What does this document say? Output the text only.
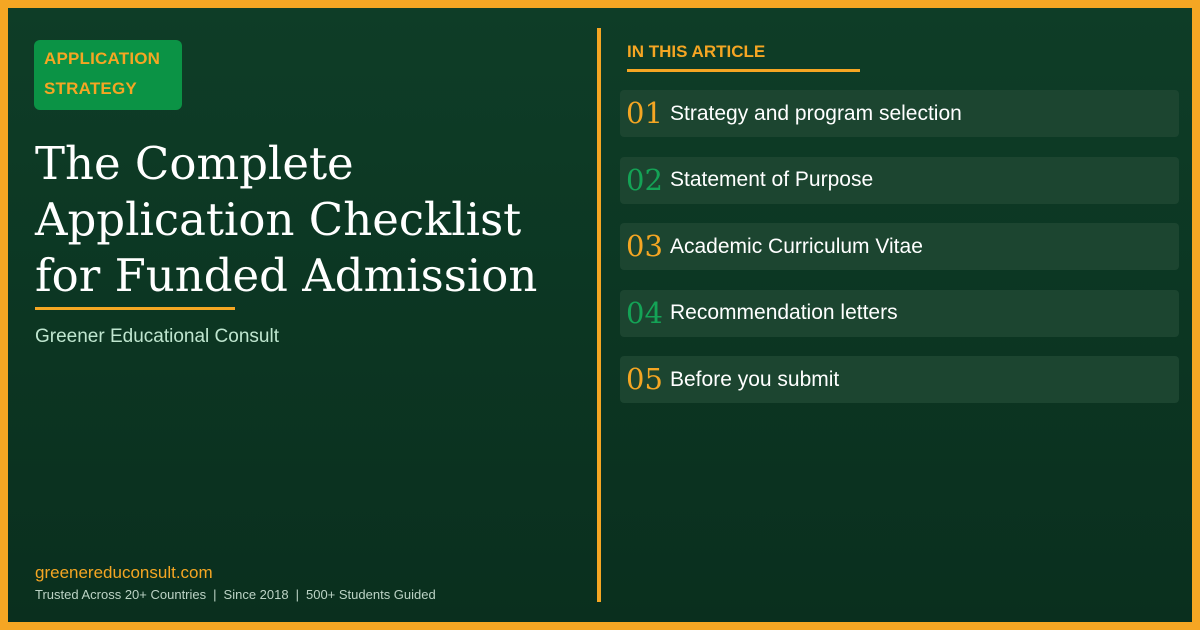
APPLICATION
STRATEGY
The Complete
Application Checklist
for Funded Admission
Greener Educational Consult
greenereduconsult.com
Trusted Across 20+ Countries | Since 2018 | 500+ Students Guided
IN THIS ARTICLE
01 Strategy and program selection
02 Statement of Purpose
03 Academic Curriculum Vitae
04 Recommendation letters
05 Before you submit
